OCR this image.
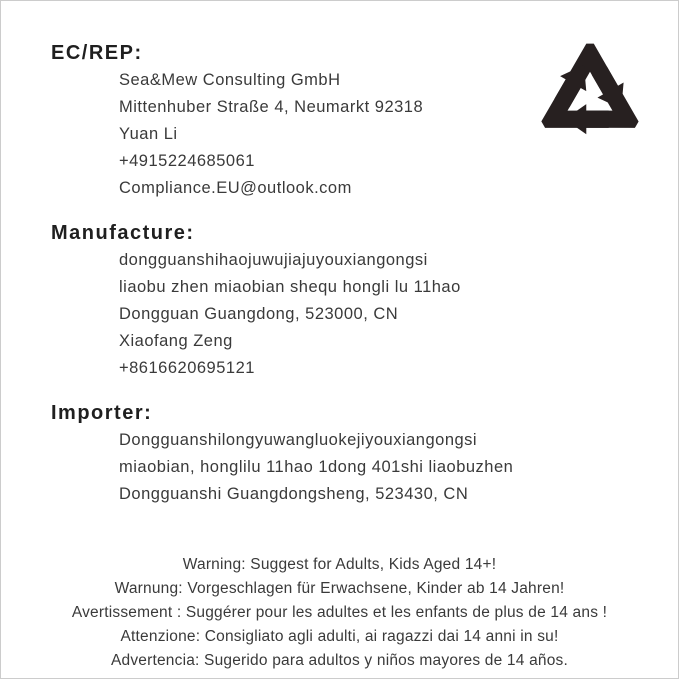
EC/REP:
Sea&Mew Consulting GmbH
Mittenhuber Straße 4, Neumarkt 92318
Yuan Li
+4915224685061
Compliance.EU@outlook.com
Manufacture:
dongguanshihaojuwujiajuyouxiangongsi
liaobu zhen miaobian shequ hongli lu 11hao
Dongguan Guangdong, 523000, CN
Xiaofang Zeng
+8616620695121
Importer:
Dongguanshilongyuwangluokejiyouxiangongsi
miaobian, honglilu 11hao 1dong 401shi liaobuzhen
Dongguanshi Guangdongsheng, 523430, CN
Warning: Suggest for Adults, Kids Aged 14+!
Warnung: Vorgeschlagen für Erwachsene, Kinder ab 14 Jahren!
Avertissement : Suggérer pour les adultes et les enfants de plus de 14 ans !
Attenzione: Consigliato agli adulti, ai ragazzi dai 14 anni in su!
Advertencia: Sugerido para adultos y niños mayores de 14 años.
